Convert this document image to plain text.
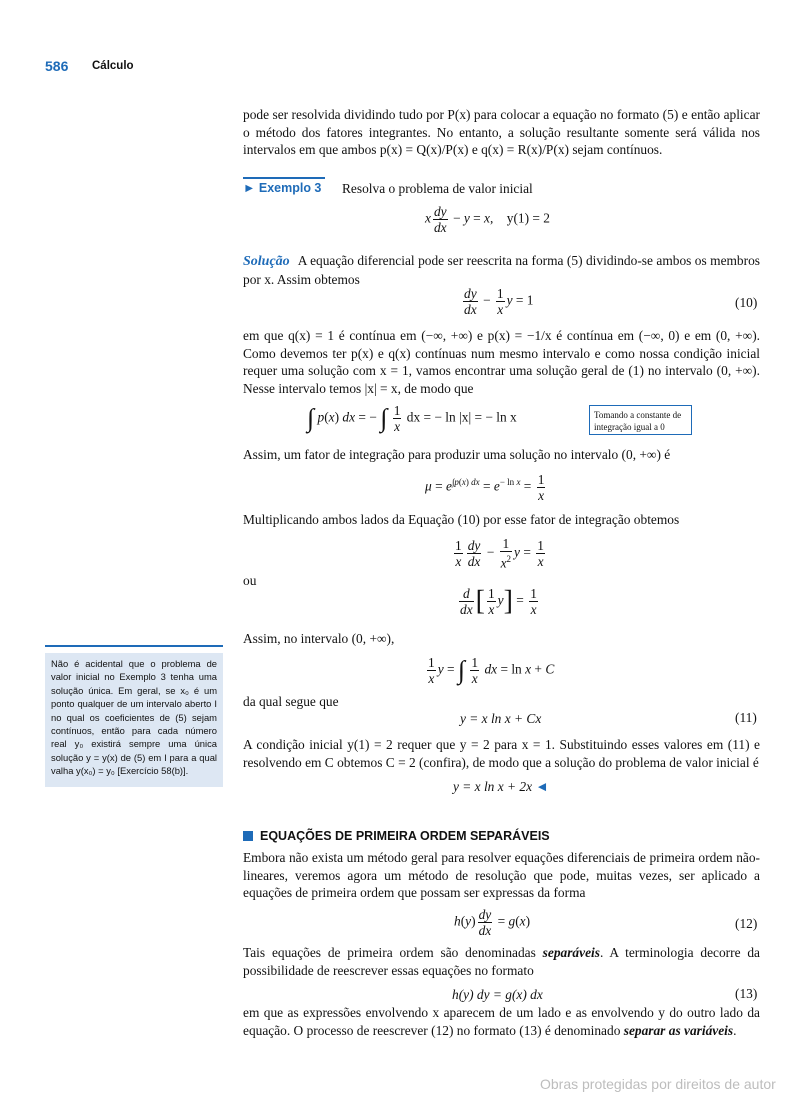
586 Cálculo

pode ser resolvida dividindo tudo por P(x) para colocar a equação no formato (5) e então aplicar o método dos fatores integrantes. No entanto, a solução resultante somente será válida nos intervalos em que ambos p(x) = Q(x)/P(x) e q(x) = R(x)/P(x) sejam contínuos.

► Exemplo 3 Resolva o problema de valor inicial
x $\frac{dy}{dx} - y = x$,    y(1) = 2

Solução A equação diferencial pode ser reescrita na forma (5) dividindo-se ambos os membros por x. Assim obtemos

$\frac{dy}{dx} - \frac{1}{x}$ y = 1	(10)

em que q(x) = 1 é contínua em (−∞, +∞) e p(x) = −1/x é contínua em (−∞, 0) e em (0, +∞). Como devemos ter p(x) e q(x) contínuas num mesmo intervalo e como nossa condição inicial requer uma solução com x = 1, vamos encontrar uma solução geral de (1) no intervalo (0, +∞). Nesse intervalo temos |x| = x, de modo que

∫ p(x) dx = − ∫ $\frac{1}{x}$ dx = − ln |x| = − ln x	Tomando a constante de integração igual a 0

Assim, um fator de integração para produzir uma solução no intervalo (0, +∞) é

$\mu = e^{\int p(x) dx} = e^{- ln x} = \frac{1}{x}$

Multiplicando ambos lados da Equação (10) por esse fator de integração obtemos

$\frac{1}{x} \frac{dy}{dx} - \frac{1}{x^2}$ $y = \frac{1}{x}$
ou
$\frac{d}{dx}$ [ $\frac{1}{x} y] = \frac{1}{x}$

Assim, no intervalo (0, +∞),

$\frac{1}{x}$ y = ∫ $\frac{1}{x}$ dx = ln x + C

da qual segue que

y = x ln x + Cx	(11)

A condição inicial y(1) = 2 requer que y = 2 para x = 1. Substituindo esses valores em (11) e resolvendo em C obtemos C = 2 (confira), de modo que a solução do problema de valor inicial é

y = x ln x + 2x ◄
Não é acidental que o problema de valor inicial no Exemplo 3 tenha uma solução única. Em geral, se x₀ é um ponto qualquer de um intervalo aberto I no qual os coeficientes de (5) sejam contínuos, então para cada número real y₀ existirá sempre uma única solução y = y(x) de (5) em I para a qual valha y(x₀) = y₀ [Exercício 58(b)].
EQUAÇÕES DE PRIMEIRA ORDEM SEPARÁVEIS

Embora não exista um método geral para resolver equações diferenciais de primeira ordem não-lineares, veremos agora um método de resolução que pode, muitas vezes, ser aplicado a equações de primeira ordem que possam ser expressas da forma

$h(y) \frac{dy}{dx} = g(x)$	(12)

Tais equações de primeira ordem são denominadas separáveis. A terminologia decorre da possibilidade de reescrever essas equações no formato

h(y) dy = g(x) dx	(13)

em que as expressões envolvendo x aparecem de um lado e as envolvendo y do outro lado da equação. O processo de reescrever (12) no formato (13) é denominado separar as variáveis.

Obras protegidas por direitos de autor
